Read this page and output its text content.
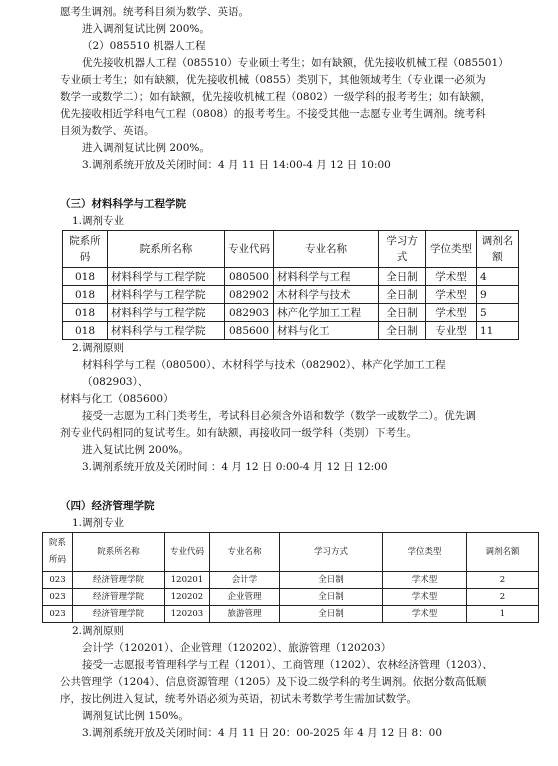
愿考生调剂。统考科目须为数学、英语。

进入调剂复试比例 200%。

（2）085510 机器人工程

优先接收机器人工程（085510）专业硕士考生；如有缺额，优先接收机械工程（085501）

专业硕士考生；如有缺额，优先接收机械（0855）类别下，其他领域考生（专业课一必须为

数学一或数学二）；如有缺额，优先接收机械工程（0802）一级学科的报考考生；如有缺额，

优先接收相近学科电气工程（0808）的报考考生。不接受其他一志愿专业考生调剂。统考科

目须为数学、英语。

进入调剂复试比例 200%。

3.调剂系统开放及关闭时间：4 月 11 日 14:00-4 月 12 日 10:00

（三）材料科学与工程学院

1.调剂专业

院系所码	院系所名称	专业代码	专业名称	学习方式	学位类型	调剂名额
018	材料科学与工程学院	080500	材料科学与工程	全日制	学术型	4
018	材料科学与工程学院	082902	木材科学与技术	全日制	学术型	9
018	材料科学与工程学院	082903	林产化学加工工程	全日制	学术型	5
018	材料科学与工程学院	085600	材料与化工	全日制	专业型	11

2.调剂原则

材料科学与工程（080500）、木材科学与技术（082902）、林产化学加工工程（082903）、

材料与化工（085600）

接受一志愿为工科门类考生，考试科目必须含外语和数学（数学一或数学二）。优先调

剂专业代码相同的复试考生。如有缺额，再接收同一级学科（类别）下考生。

进入复试比例 200%。

3.调剂系统开放及关闭时间 ：4 月 12 日 0:00-4 月 12 日 12:00

（四）经济管理学院

1.调剂专业

院系所码	院系所名称	专业代码	专业名称	学习方式	学位类型	调剂名额
023	经济管理学院	120201	会计学	全日制	学术型	2
023	经济管理学院	120202	企业管理	全日制	学术型	2
023	经济管理学院	120203	旅游管理	全日制	学术型	1

2.调剂原则

会计学（120201）、企业管理（120202）、旅游管理（120203）

接受一志愿报考管理科学与工程（1201）、工商管理（1202）、农林经济管理（1203）、

公共管理学（1204）、信息资源管理（1205）及下设二级学科的考生调剂。依据分数高低顺

序，按比例进入复试，统考外语必须为英语，初试未考数学考生需加试数学。

调剂复试比例 150%。

3.调剂系统开放及关闭时间：4 月 11 日 20：00-2025 年 4 月 12 日 8：00
